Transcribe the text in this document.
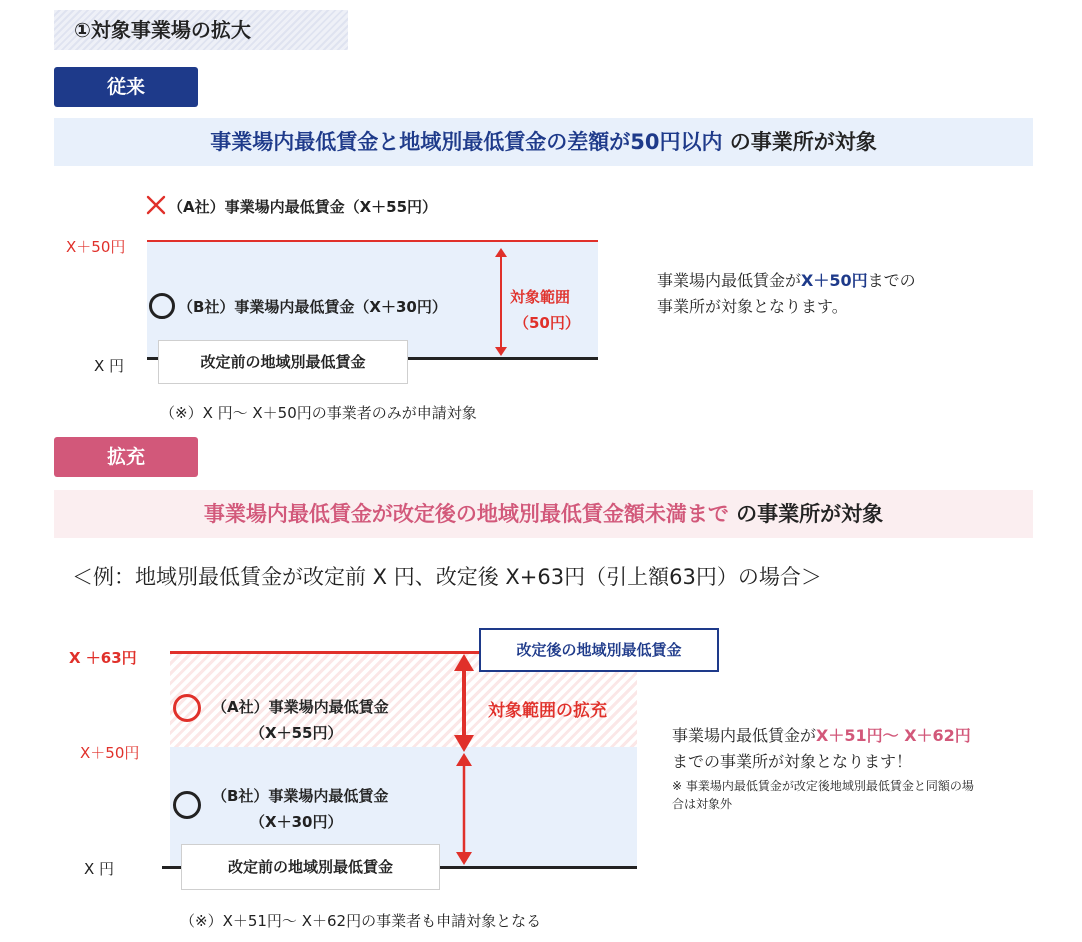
①対象事業場の拡大
従来
事業場内最低賃金と地域別最低賃金の差額が50円以内 の事業所が対象
（A社）事業場内最低賃金（X＋55円）
X＋50円
X 円
（B社）事業場内最低賃金（X＋30円）
対象範囲
（50円）
改定前の地域別最低賃金
（※）X 円～ X＋50円の事業者のみが申請対象
事業場内最低賃金がX＋50円までの
事業所が対象となります。
拡充
事業場内最低賃金が改定後の地域別最低賃金額未満まで の事業所が対象
＜例：地域別最低賃金が改定前 X 円、改定後 X+63円（引上額63円）の場合＞
X ＋63円
X＋50円
X 円
改定後の地域別最低賃金
（A社）事業場内最低賃金
（X＋55円）
（B社）事業場内最低賃金
（X＋30円）
対象範囲の拡充
改定前の地域別最低賃金
（※）X＋51円～ X＋62円の事業者も申請対象となる
事業場内最低賃金がX＋51円～ X＋62円
までの事業所が対象となります！
※ 事業場内最低賃金が改定後地域別最低賃金と同額の場
合は対象外
